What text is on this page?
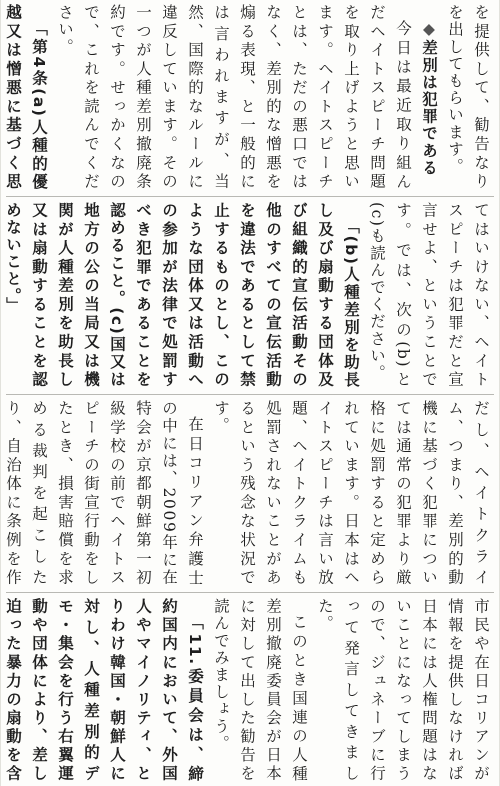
を提供して、勧告なりを出してもらいます。

◆差別は犯罪である

今日は最近取り組んだヘイトスピーチ問題を取り上げようと思います。ヘイトスピーチとは、ただの悪口ではなく、差別的な憎悪を煽る表現、と一般的には言われますが、当然、国際的なルールに違反しています。その一つが人種差別撤廃条約です。せっかくなので、これを読んでください。

「第4条(a)人種的優越又は憎悪に基づく思

てはいけない、ヘイトスピーチは犯罪だと宣言せよ、ということです。では、次の(b)と(c)も読んでください。

「(b)人種差別を助長し及び扇動する団体及び組織的宣伝活動その他のすべての宣伝活動を違法であるとして禁止するものとし、このような団体又は活動への参加が法律で処罰すべき犯罪であることを認めること。(c)国又は地方の公の当局又は機関が人種差別を助長し又は扇動することを認めないこと。」

だし、ヘイトクライム、つまり、差別的動機に基づく犯罪については通常の犯罪より厳格に処罰すると定められています。日本はヘイトスピーチは言い放題、ヘイトクライムも処罰されないことがあるという残念な状況です。

在日コリアン弁護士の中には、2009年に在特会が京都朝鮮第一初級学校の前でヘイトスピーチの街宣行動をしたとき、損害賠償を求める裁判を起こしたり、自治体に条例を作

市民や在日コリアンが情報を提供しなければ日本には人権問題はないことになってしまうので、ジュネーブに行って発言してきました。

このとき国連の人種差別撤廃委員会が日本に対して出した勧告を読んでみましょう。

「11.委員会は、締約国内において、外国人やマイノリティ、とりわけ韓国・朝鮮人に対し、人種差別的デモ・集会を行う右翼運動や団体により、差し迫った暴力の扇動を含
